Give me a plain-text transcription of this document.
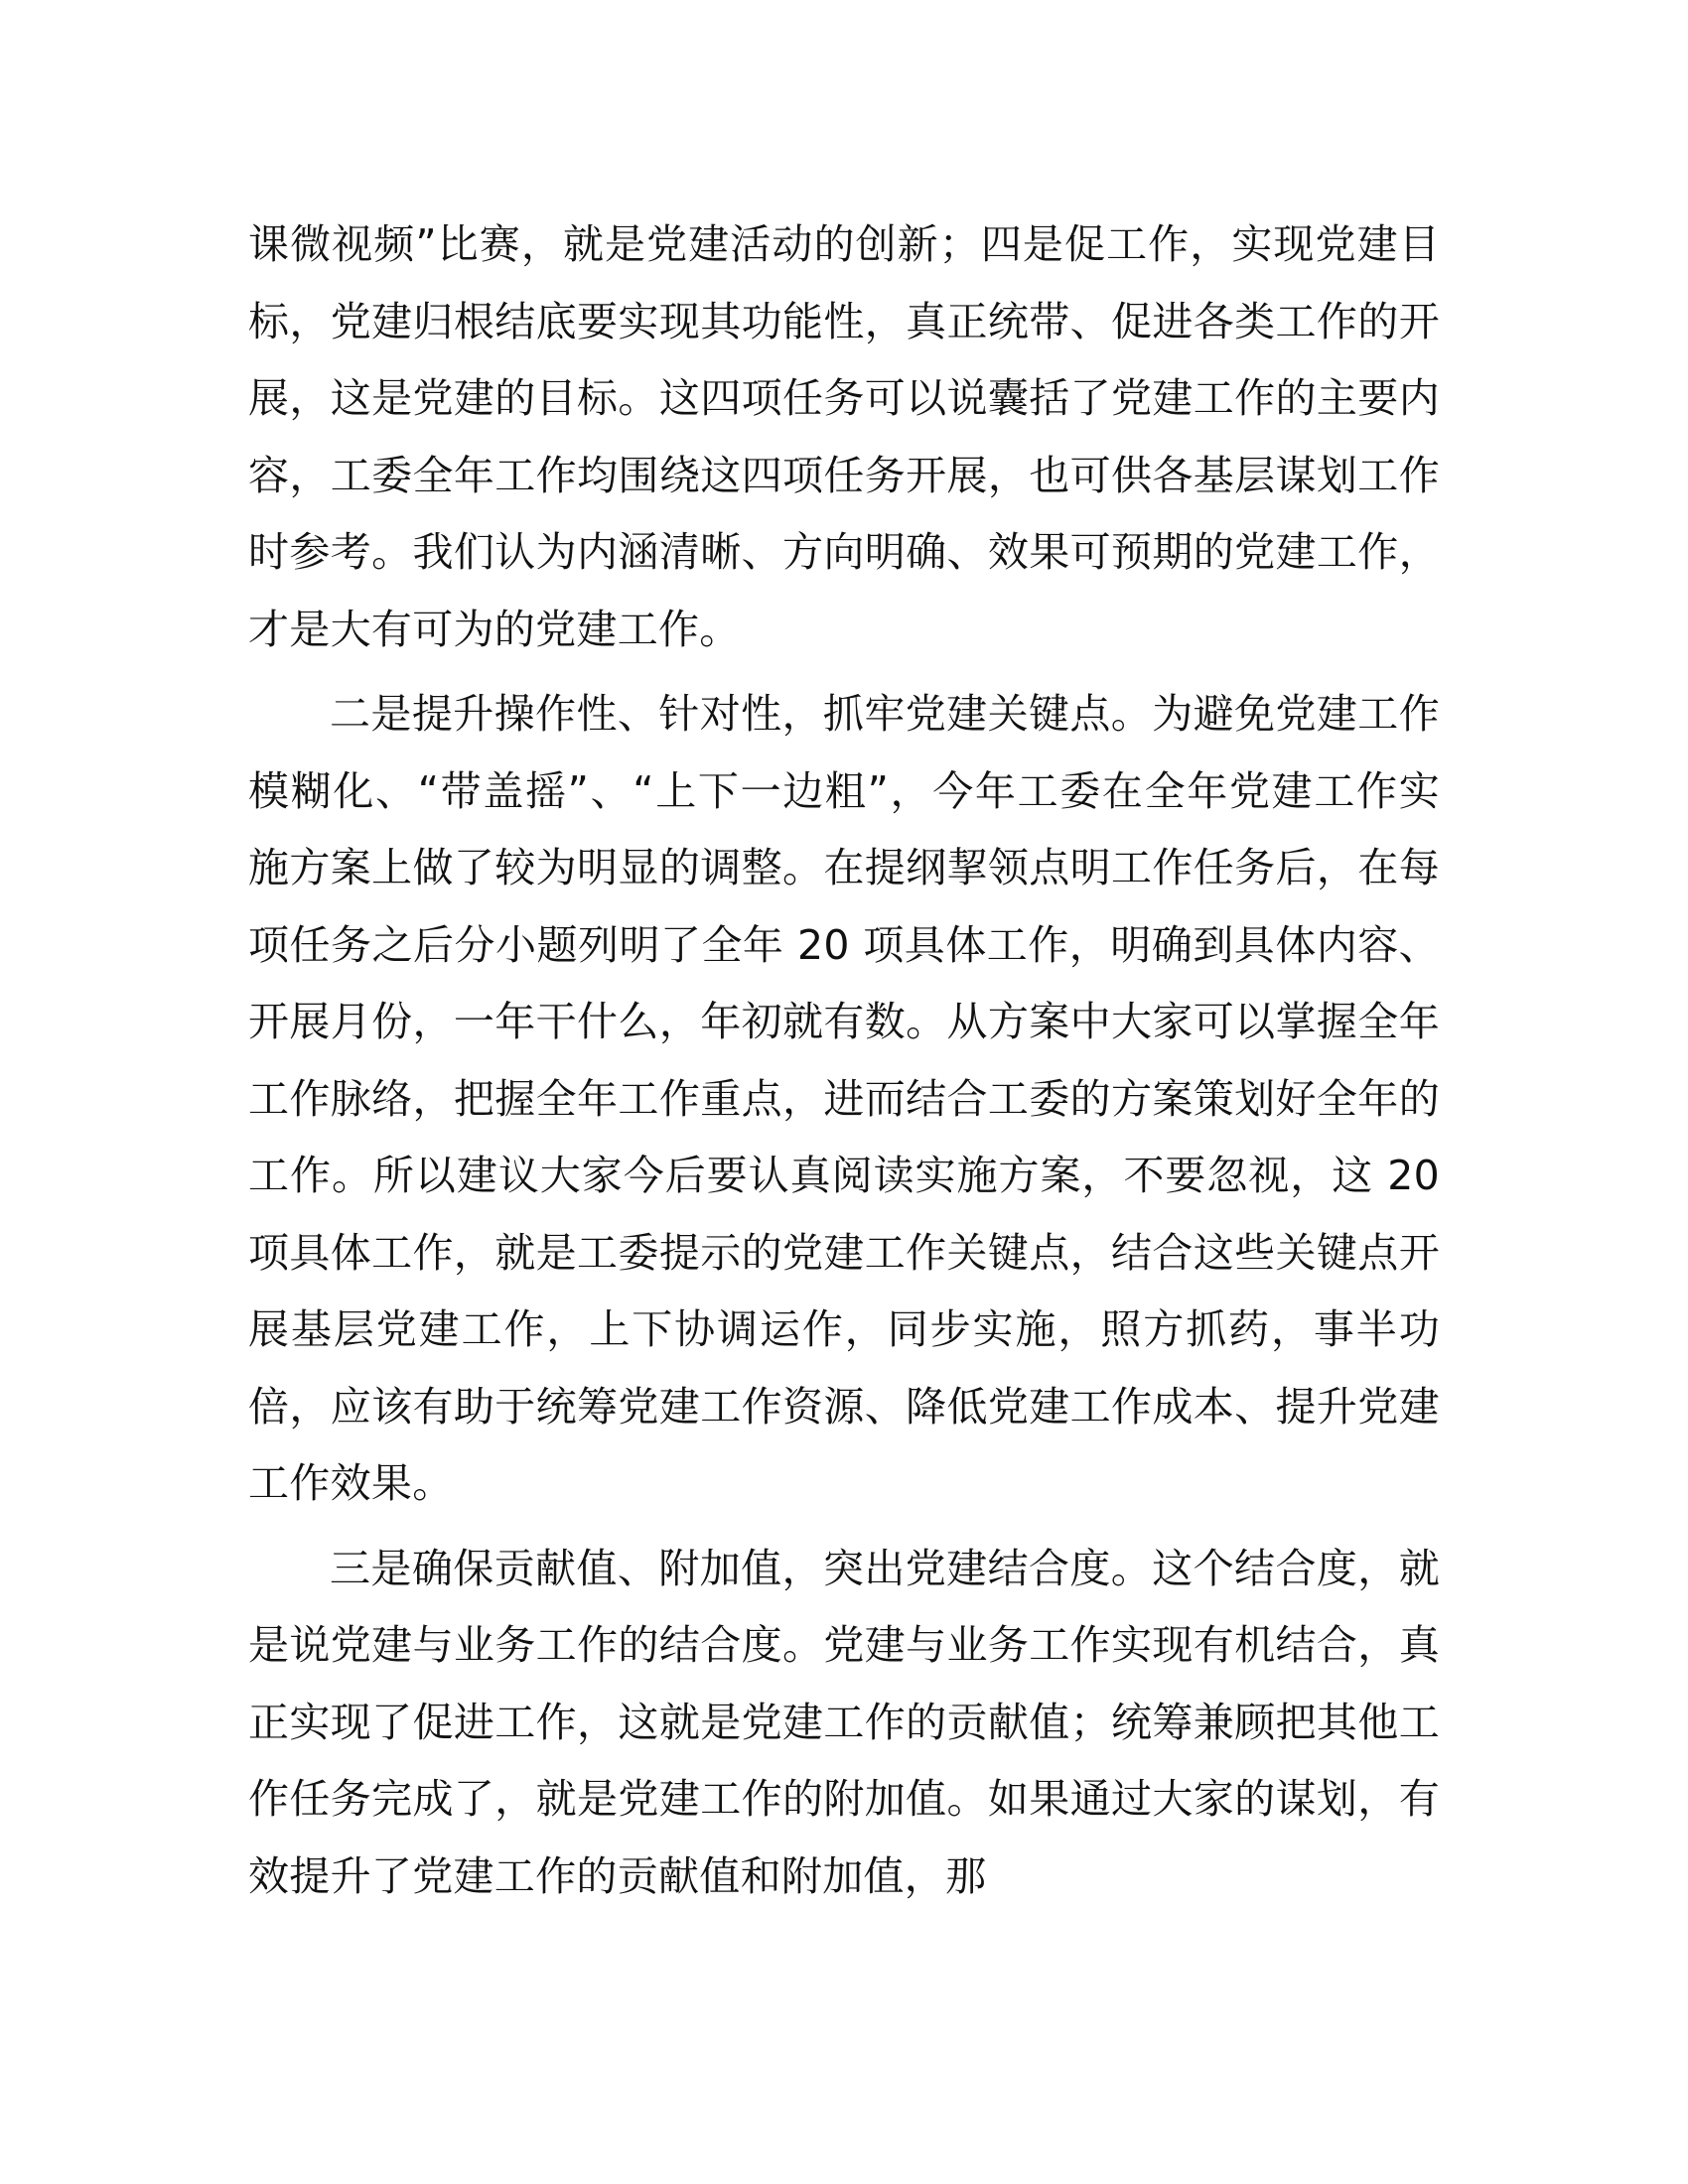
课微视频”比赛，就是党建活动的创新；四是促工作，实现党建目标，党建归根结底要实现其功能性，真正统带、促进各类工作的开展，这是党建的目标。这四项任务可以说囊括了党建工作的主要内容，工委全年工作均围绕这四项任务开展，也可供各基层谋划工作时参考。我们认为内涵清晰、方向明确、效果可预期的党建工作，才是大有可为的党建工作。

二是提升操作性、针对性，抓牢党建关键点。为避免党建工作模糊化、“带盖摇”、“上下一边粗”，今年工委在全年党建工作实施方案上做了较为明显的调整。在提纲挈领点明工作任务后，在每项任务之后分小题列明了全年 20 项具体工作，明确到具体内容、开展月份，一年干什么，年初就有数。从方案中大家可以掌握全年工作脉络，把握全年工作重点，进而结合工委的方案策划好全年的工作。所以建议大家今后要认真阅读实施方案，不要忽视，这 20 项具体工作，就是工委提示的党建工作关键点，结合这些关键点开展基层党建工作，上下协调运作，同步实施，照方抓药，事半功倍，应该有助于统筹党建工作资源、降低党建工作成本、提升党建工作效果。

三是确保贡献值、附加值，突出党建结合度。这个结合度，就是说党建与业务工作的结合度。党建与业务工作实现有机结合，真正实现了促进工作，这就是党建工作的贡献值；统筹兼顾把其他工作任务完成了，就是党建工作的附加值。如果通过大家的谋划，有效提升了党建工作的贡献值和附加值，那
